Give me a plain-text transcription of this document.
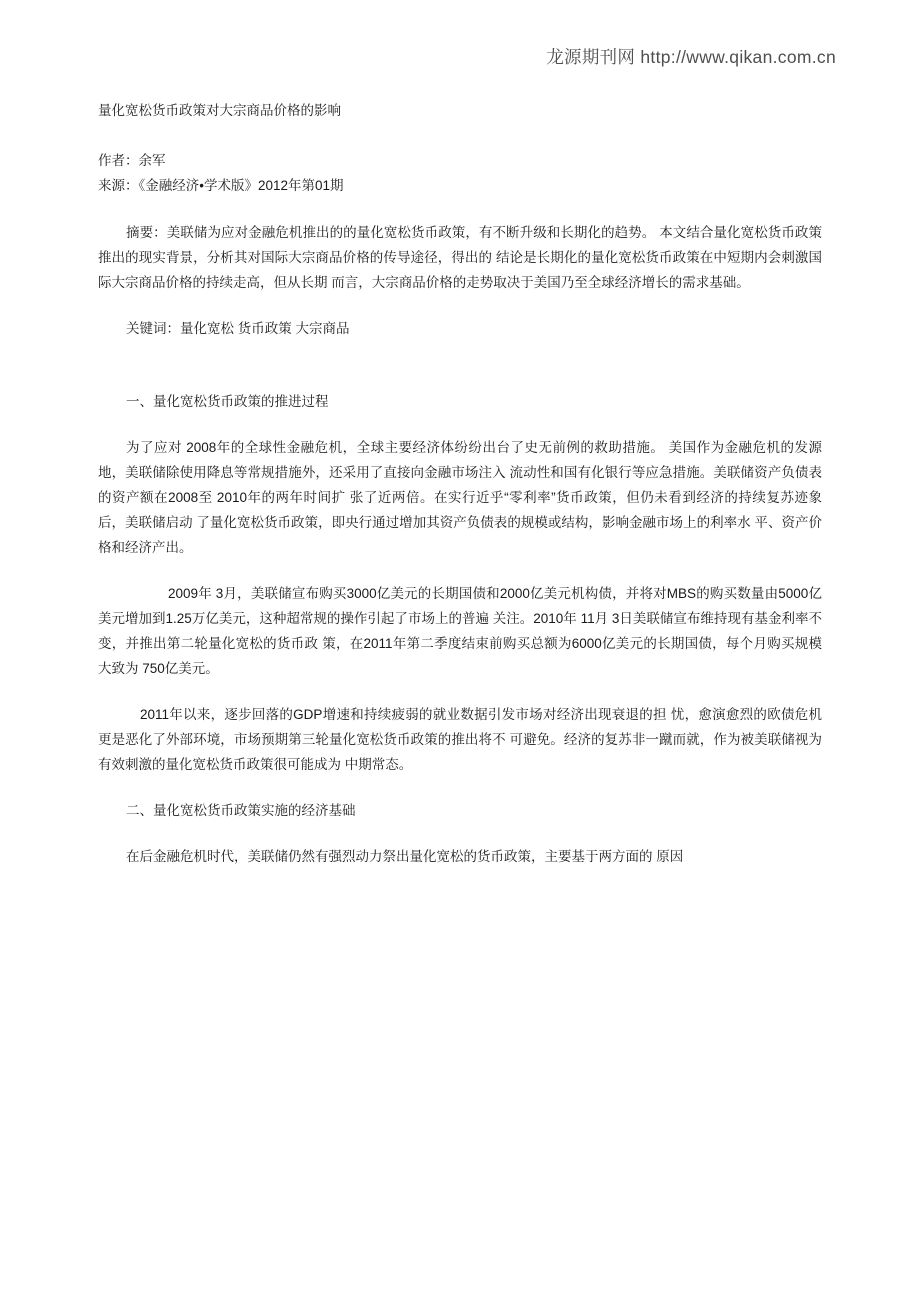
龙源期刊网 http://www.qikan.com.cn
量化宽松货币政策对大宗商品价格的影响
作者：余军
来源：《金融经济•学术版》2012年第01期
摘要：美联储为应对金融危机推出的的量化宽松货币政策，有不断升级和长期化的趋势。 本文结合量化宽松货币政策推出的现实背景，分析其对国际大宗商品价格的传导途径，得出的 结论是长期化的量化宽松货币政策在中短期内会刺激国际大宗商品价格的持续走高，但从长期 而言，大宗商品价格的走势取决于美国乃至全球经济增长的需求基础。
关键词：量化宽松 货币政策 大宗商品
一、量化宽松货币政策的推进过程
为了应对 2008年的全球性金融危机，全球主要经济体纷纷出台了史无前例的救助措施。 美国作为金融危机的发源地，美联储除使用降息等常规措施外，还采用了直接向金融市场注入 流动性和国有化银行等应急措施。美联储资产负债表的资产额在2008至 2010年的两年时间扩 张了近两倍。在实行近乎“零利率”货币政策，但仍未看到经济的持续复苏迹象后，美联储启动 了量化宽松货币政策，即央行通过增加其资产负债表的规模或结构，影响金融市场上的利率水 平、资产价格和经济产出。
2009年 3月，美联储宣布购买3000亿美元的长期国债和2000亿美元机构债，并将对MBS的购买数量由5000亿美元增加到1.25万亿美元，这种超常规的操作引起了市场上的普遍 关注。2010年 11月 3日美联储宣布维持现有基金利率不变，并推出第二轮量化宽松的货币政 策，在2011年第二季度结束前购买总额为6000亿美元的长期国债，每个月购买规模大致为 750亿美元。
2011年以来，逐步回落的GDP增速和持续疲弱的就业数据引发市场对经济出现衰退的担 忧，愈演愈烈的欧债危机更是恶化了外部环境，市场预期第三轮量化宽松货币政策的推出将不 可避免。经济的复苏非一蹴而就，作为被美联储视为有效刺激的量化宽松货币政策很可能成为 中期常态。
二、量化宽松货币政策实施的经济基础
在后金融危机时代，美联储仍然有强烈动力祭出量化宽松的货币政策，主要基于两方面的 原因
